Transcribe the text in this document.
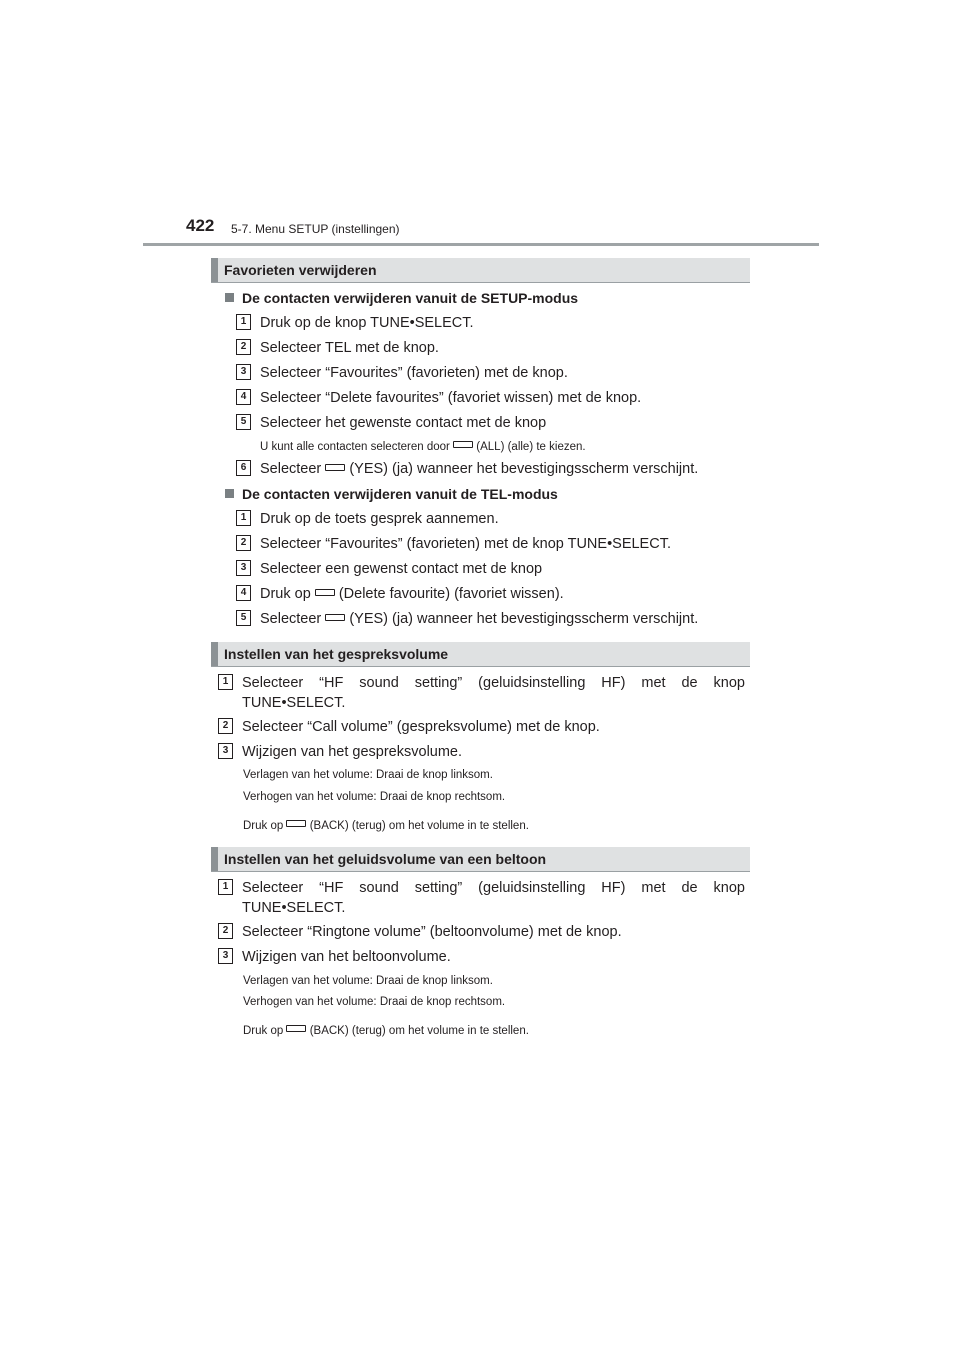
422 5-7. Menu SETUP (instellingen)
Favorieten verwijderen
De contacten verwijderen vanuit de SETUP-modus
1 Druk op de knop TUNE•SELECT.
2 Selecteer TEL met de knop.
3 Selecteer “Favourites” (favorieten) met de knop.
4 Selecteer “Delete favourites” (favoriet wissen) met de knop.
5 Selecteer het gewenste contact met de knop
U kunt alle contacten selecteren door (ALL) (alle) te kiezen.
6 Selecteer (YES) (ja) wanneer het bevestigingsscherm verschijnt.
De contacten verwijderen vanuit de TEL-modus
1 Druk op de toets gesprek aannemen.
2 Selecteer “Favourites” (favorieten) met de knop TUNE•SELECT.
3 Selecteer een gewenst contact met de knop
4 Druk op (Delete favourite) (favoriet wissen).
5 Selecteer (YES) (ja) wanneer het bevestigingsscherm verschijnt.
Instellen van het gespreksvolume
1 Selecteer “HF sound setting” (geluidsinstelling HF) met de knop
TUNE•SELECT.
2 Selecteer “Call volume” (gespreksvolume) met de knop.
3 Wijzigen van het gespreksvolume.
Verlagen van het volume: Draai de knop linksom.
Verhogen van het volume: Draai de knop rechtsom.
Druk op (BACK) (terug) om het volume in te stellen.
Instellen van het geluidsvolume van een beltoon
1 Selecteer “HF sound setting” (geluidsinstelling HF) met de knop
TUNE•SELECT.
2 Selecteer “Ringtone volume” (beltoonvolume) met de knop.
3 Wijzigen van het beltoonvolume.
Verlagen van het volume: Draai de knop linksom.
Verhogen van het volume: Draai de knop rechtsom.
Druk op (BACK) (terug) om het volume in te stellen.
